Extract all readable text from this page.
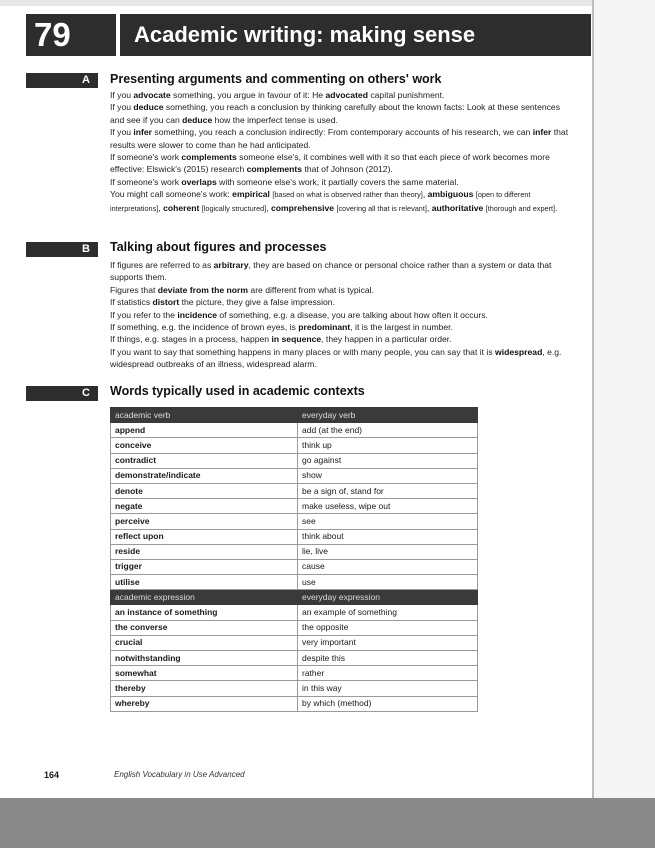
79	Academic writing: making sense
A Presenting arguments and commenting on others' work

If you advocate something, you argue in favour of it: He advocated capital punishment.

If you deduce something, you reach a conclusion by thinking carefully about the known facts: Look at these sentences and see if you can deduce how the imperfect tense is used.

If you infer something, you reach a conclusion indirectly: From contemporary accounts of his research, we can infer that results were slower to come than he had anticipated.

If someone's work complements someone else's, it combines well with it so that each piece of work becomes more effective: Elswick's (2015) research complements that of Johnson (2012).

If someone's work overlaps with someone else's work, it partially covers the same material.

You might call someone's work: empirical [based on what is observed rather than theory], ambiguous [open to different interpretations], coherent [logically structured], comprehensive [covering all that is relevant], authoritative [thorough and expert].

B Talking about figures and processes

If figures are referred to as arbitrary, they are based on chance or personal choice rather than a system or data that supports them.

Figures that deviate from the norm are different from what is typical.

If statistics distort the picture, they give a false impression.

If you refer to the incidence of something, e.g. a disease, you are talking about how often it occurs.

If something, e.g. the incidence of brown eyes, is predominant, it is the largest in number.

If things, e.g. stages in a process, happen in sequence, they happen in a particular order.

If you want to say that something happens in many places or with many people, you can say that it is widespread, e.g. widespread outbreaks of an illness, widespread alarm.

C Words typically used in academic contexts
academic verb	everyday verb
append	add (at the end)
conceive	think up
contradict	go against
demonstrate/indicate	show
denote	be a sign of, stand for
negate	make useless, wipe out
perceive	see
reflect upon	think about
reside	lie, live
trigger	cause
utilise	use
academic expression	everyday expression
an instance of something	an example of something
the converse	the opposite
crucial	very important
notwithstanding	despite this
somewhat	rather
thereby	in this way
whereby	by which (method)
164	English Vocabulary in Use Advanced
